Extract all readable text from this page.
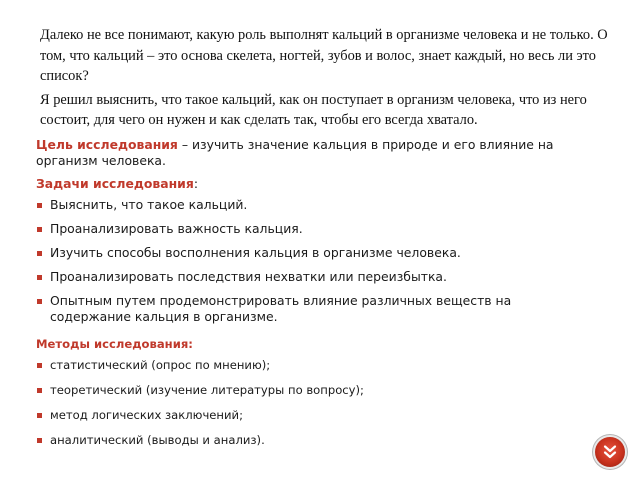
Далеко не все понимают, какую роль выполнят кальций в организме человека и не только. О том, что кальций – это основа скелета, ногтей, зубов и волос, знает каждый, но весь ли это список?

Я решил выяснить, что такое кальций, как он поступает в организм человека, что из него состоит, для чего он нужен и как сделать так, чтобы его всегда хватало.

Цель исследования – изучить значение кальция в природе и его влияние на организм человека.

Задачи исследования:

Выяснить, что такое кальций.
Проанализировать важность кальция.
Изучить способы восполнения кальция в организме человека.
Проанализировать последствия нехватки или переизбытка.
Опытным путем продемонстрировать влияние различных веществ на содержание кальция в организме.

Методы исследования:

статистический (опрос по мнению);
теоретический (изучение литературы по вопросу);
метод логических заключений;
аналитический (выводы и анализ).
